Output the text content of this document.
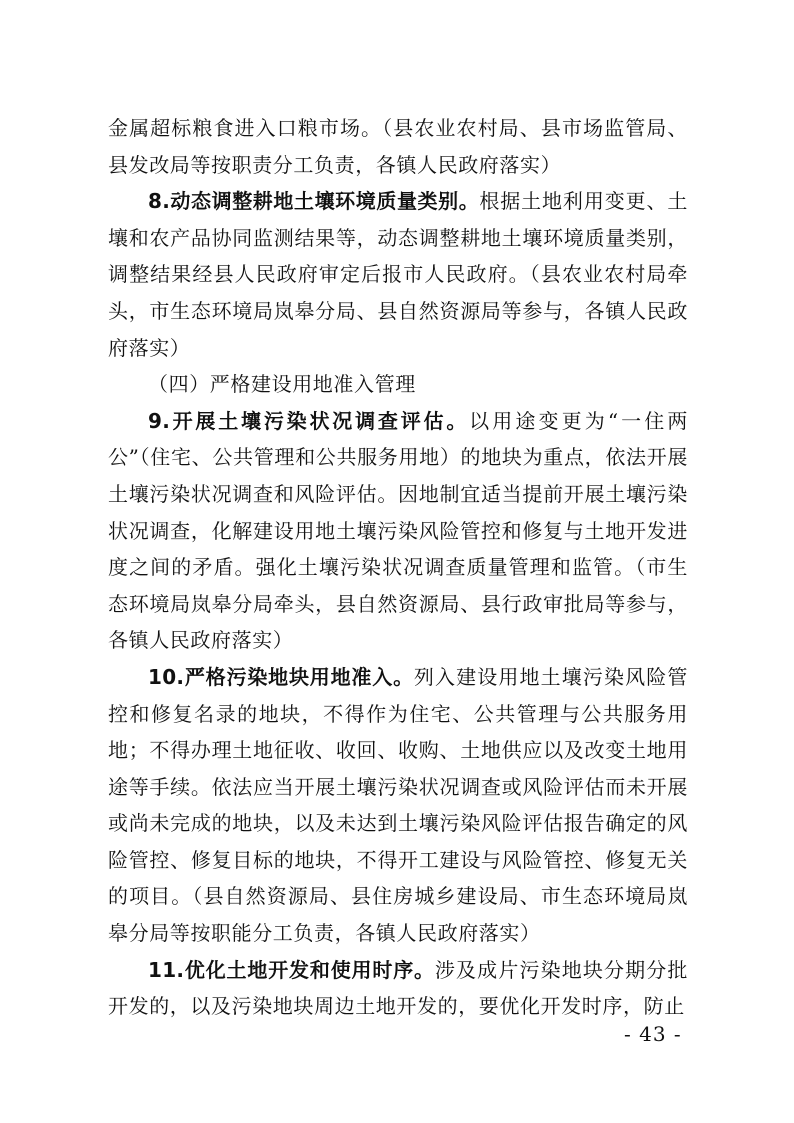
金属超标粮食进入口粮市场。（县农业农村局、县市场监管局、县发改局等按职责分工负责，各镇人民政府落实）

8.动态调整耕地土壤环境质量类别。根据土地利用变更、土壤和农产品协同监测结果等，动态调整耕地土壤环境质量类别，调整结果经县人民政府审定后报市人民政府。（县农业农村局牵头，市生态环境局岚皋分局、县自然资源局等参与，各镇人民政府落实）

（四）严格建设用地准入管理

9.开展土壤污染状况调查评估。以用途变更为“一住两公”（住宅、公共管理和公共服务用地）的地块为重点，依法开展土壤污染状况调查和风险评估。因地制宜适当提前开展土壤污染状况调查，化解建设用地土壤污染风险管控和修复与土地开发进度之间的矛盾。强化土壤污染状况调查质量管理和监管。（市生态环境局岚皋分局牵头，县自然资源局、县行政审批局等参与，各镇人民政府落实）

10.严格污染地块用地准入。列入建设用地土壤污染风险管控和修复名录的地块，不得作为住宅、公共管理与公共服务用地；不得办理土地征收、收回、收购、土地供应以及改变土地用途等手续。依法应当开展土壤污染状况调查或风险评估而未开展或尚未完成的地块，以及未达到土壤污染风险评估报告确定的风险管控、修复目标的地块，不得开工建设与风险管控、修复无关的项目。（县自然资源局、县住房城乡建设局、市生态环境局岚皋分局等按职能分工负责，各镇人民政府落实）

11.优化土地开发和使用时序。涉及成片污染地块分期分批开发的，以及污染地块周边土地开发的，要优化开发时序，防止

- 43 -
